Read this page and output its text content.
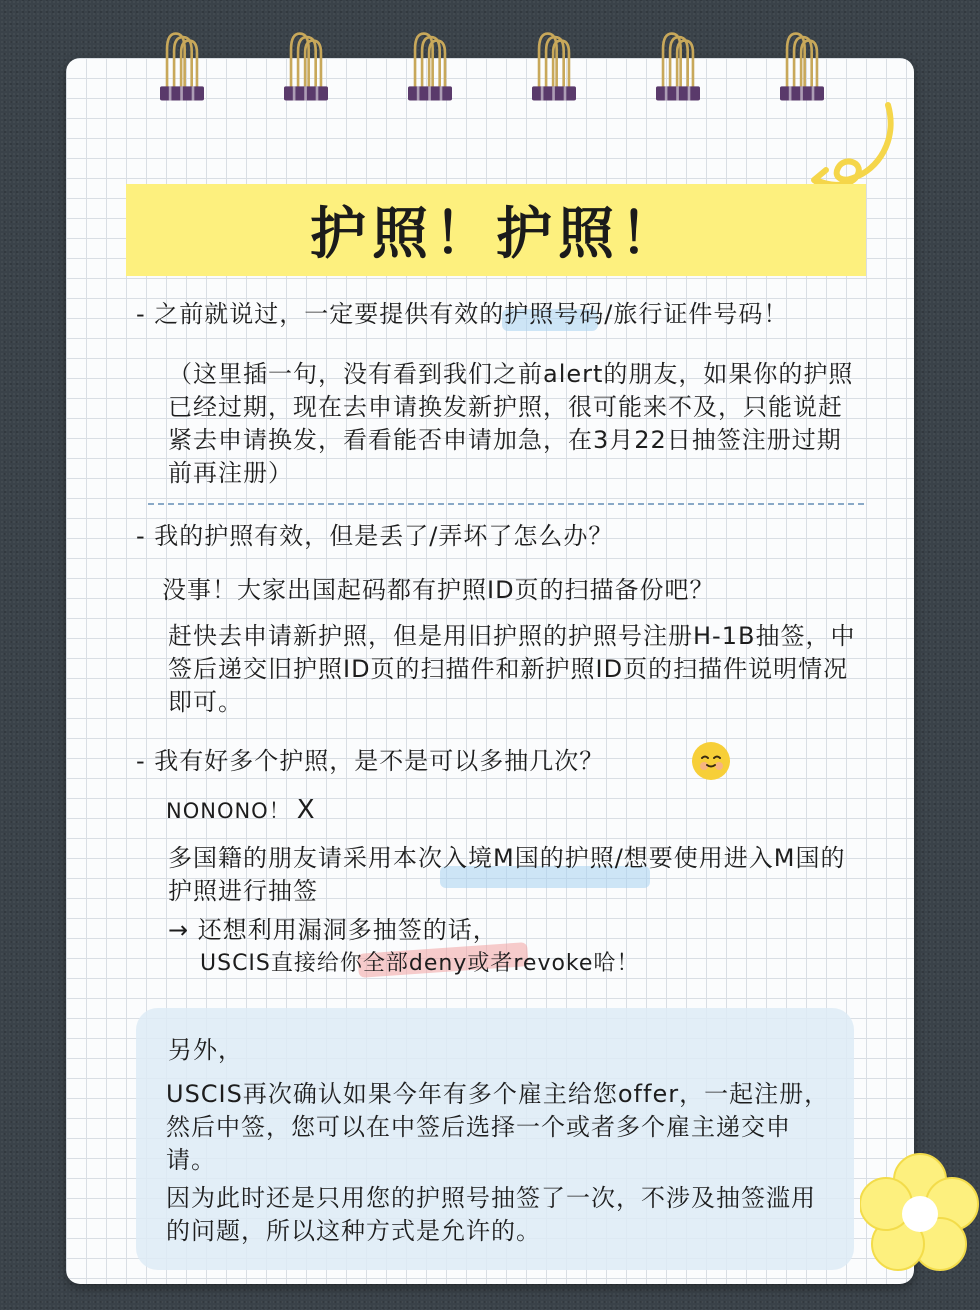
护照！护照！
- 之前就说过，一定要提供有效的护照号码/旅行证件号码！
（这里插一句，没有看到我们之前alert的朋友，如果你的护照已经过期，现在去申请换发新护照，很可能来不及，只能说赶紧去申请换发，看看能否申请加急，在3月22日抽签注册过期前再注册）
- 我的护照有效，但是丢了/弄坏了怎么办？
没事！大家出国起码都有护照ID页的扫描备份吧？
赶快去申请新护照，但是用旧护照的护照号注册H-1B抽签，中签后递交旧护照ID页的扫描件和新护照ID页的扫描件说明情况即可。
- 我有好多个护照，是不是可以多抽几次？
NONONO！ X
多国籍的朋友请采用本次入境M国的护照/想要使用进入M国的护照进行抽签
→ 还想利用漏洞多抽签的话，
USCIS直接给你全部deny或者revoke哈！
另外，
USCIS再次确认如果今年有多个雇主给您offer，一起注册，然后中签，您可以在中签后选择一个或者多个雇主递交申请。
因为此时还是只用您的护照号抽签了一次，不涉及抽签滥用的问题，所以这种方式是允许的。
